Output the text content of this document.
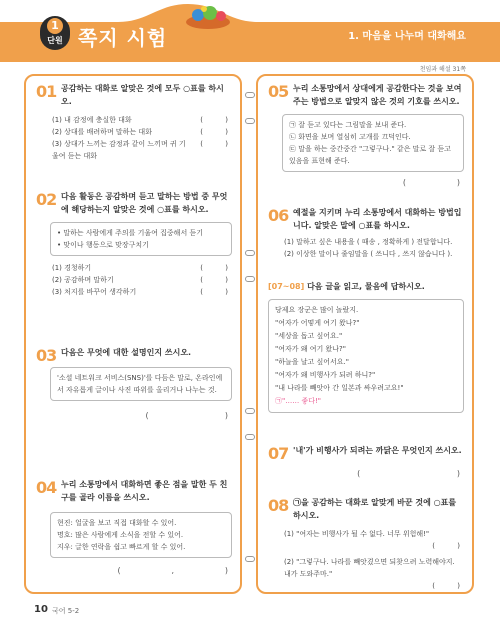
1
단원 쪽지 시험	1. 마음을 나누며 대화해요
천임과 해설 31쪽
01 공감하는 대화로 알맞은 것에 모두 ○표를 하시오.
(1) 내 감정에 충실한 대화	(          )
(2) 상대를 배려하며 말하는 대화	(          )
(3) 상대가 느끼는 감정과 같이 느끼며 귀 기울여 듣는 대화
(          )
02 다음 활동은 공감하며 듣고 말하는 방법 중 무엇에 해당하는지 알맞은 것에 ○표를 하시오.
• 말하는 사람에게 주의를 기울여 집중해서 듣기
• 맞이나 행동으로 맞장구치기
(1) 경청하기	(          )
(2) 공감하며 말하기	(          )
(3) 처지를 바꾸어 생각하기	(          )
03 다음은 무엇에 대한 설명인지 쓰시오.
'소셜 네트워크 서비스(SNS)'를 다듬은 말로, 온라인에서 자유롭게 글이나 사진 따위를 올리거나 나누는 것.
(                              )
04 누리 소통망에서 대화하면 좋은 점을 말한 두 친구를 골라 이름을 쓰시오.
현진: 얼굴을 보고 직접 대화할 수 있어.
명호: 많은 사람에게 소식을 전할 수 있어.
지우: 글한 연락을 쉽고 빠르게 할 수 있어.
(                    ,                    )
05 누리 소통망에서 상대에게 공감한다는 것을 보여 주는 방법으로 알맞지 않은 것의 기호를 쓰시오.
㉠ 잘 듣고 있다는 그림말을 보내 준다.
㉡ 화면을 보며 열심히 고개를 끄덕인다.
㉢ 말을 하는 중간중간 "그렇구나." 같은 말로 잘 듣고 있음을 표현해 준다.
(                    )
06 예절을 지키며 누리 소통망에서 대화하는 방법입니다. 알맞은 말에 ○표를 하시오.
(1) 말하고 싶은 내용을 ( 때송 , 정확하게 ) 전달합니다.
(2) 이상한 말이나 줄임말을 ( 쓰니다 , 쓰지 않습니다 ).
[07~08] 다음 글을 읽고, 물음에 답하시오.
당제요 장군은 많이 놀랐지.
"여자가 어떻게 여기 왔나?"
"세상을 돕고 싶어요."
"여자가 왜 여기 왔나?"
"하늘을 날고 싶어서요."
"여자가 왜 비행사가 되려 하니?"
"내 나라를 빼앗아 간 일본과 싸우려고요!"
㉠"…… 좋다!"
07 '내'가 비행사가 되려는 까닭은 무엇인지 쓰시오.
(                                      )
08 ㉠을 공감하는 대화로 알맞게 바꾼 것에 ○표를 하시오.
(1) "여자는 비행사가 될 수 없다. 너무 위험해!"
(          )
(2) "그렇구나. 나라를 빼앗겼으면 되찾으려 노력해야지. 내가 도와주마."
(          )
10 국어 5-2
